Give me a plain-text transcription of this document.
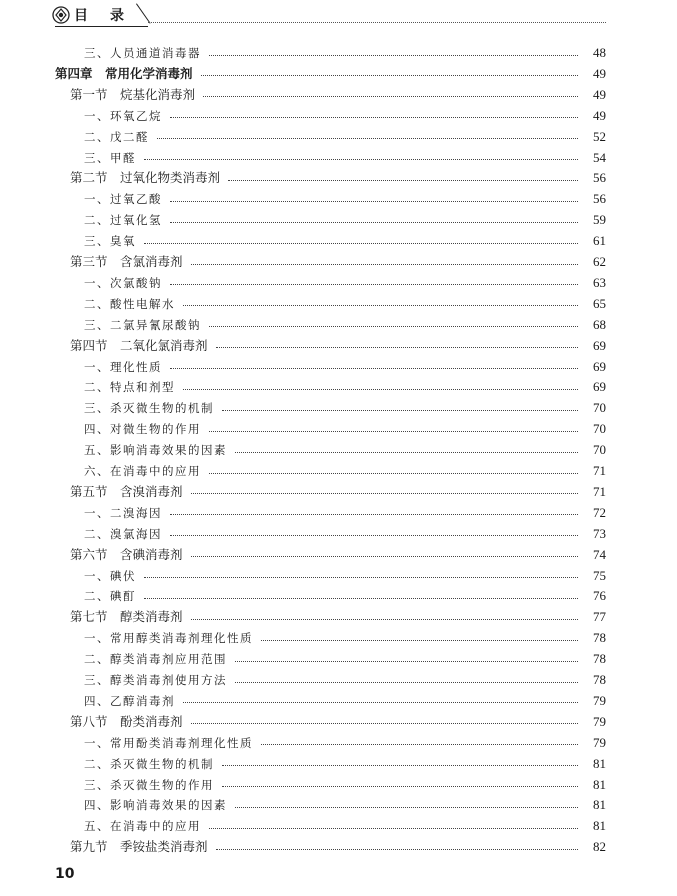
目 录
三、人员通道消毒器	48
第四章　常用化学消毒剂	49
第一节　烷基化消毒剂	49
一、环氧乙烷	49
二、戊二醛	52
三、甲醛	54
第二节　过氧化物类消毒剂	56
一、过氧乙酸	56
二、过氧化氢	59
三、臭氧	61
第三节　含氯消毒剂	62
一、次氯酸钠	63
二、酸性电解水	65
三、二氯异氰尿酸钠	68
第四节　二氧化氯消毒剂	69
一、理化性质	69
二、特点和剂型	69
三、杀灭微生物的机制	70
四、对微生物的作用	70
五、影响消毒效果的因素	70
六、在消毒中的应用	71
第五节　含溴消毒剂	71
一、二溴海因	72
二、溴氯海因	73
第六节　含碘消毒剂	74
一、碘伏	75
二、碘酊	76
第七节　醇类消毒剂	77
一、常用醇类消毒剂理化性质	78
二、醇类消毒剂应用范围	78
三、醇类消毒剂使用方法	78
四、乙醇消毒剂	79
第八节　酚类消毒剂	79
一、常用酚类消毒剂理化性质	79
二、杀灭微生物的机制	81
三、杀灭微生物的作用	81
四、影响消毒效果的因素	81
五、在消毒中的应用	81
第九节　季铵盐类消毒剂	82
10
